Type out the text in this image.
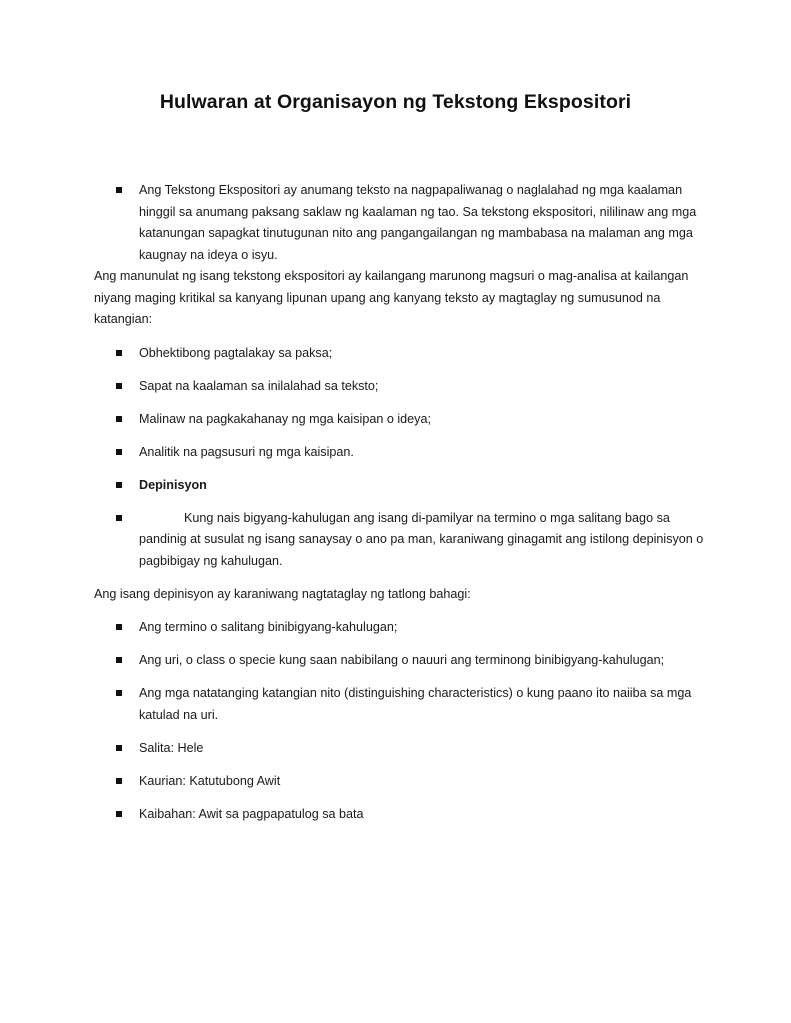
Hulwaran at Organisayon ng Tekstong Ekspositori
Ang Tekstong Ekspositori ay anumang teksto na nagpapaliwanag o naglalahad ng mga kaalaman hinggil sa anumang paksang saklaw ng kaalaman ng tao. Sa tekstong ekspositori, nililinaw ang mga katanungan sapagkat tinutugunan nito ang pangangailangan ng mambabasa na malaman ang mga kaugnay na ideya o isyu.

Ang manunulat ng isang tekstong ekspositori ay kailangang marunong magsuri o mag-analisa at kailangan niyang maging kritikal sa kanyang lipunan upang ang kanyang teksto ay magtaglay ng sumusunod na katangian:

Obhektibong pagtalakay sa paksa;
Sapat na kaalaman sa inilalahad sa teksto;
Malinaw na pagkakahanay ng mga kaisipan o ideya;
Analitik na pagsusuri ng mga kaisipan.
Depinisyon
Kung nais bigyang-kahulugan ang isang di-pamilyar na termino o mga salitang bago sa pandinig at susulat ng isang sanaysay o ano pa man, karaniwang ginagamit ang istilong depinisyon o pagbibigay ng kahulugan.

Ang isang depinisyon ay karaniwang nagtataglay ng tatlong bahagi:

Ang termino o salitang binibigyang-kahulugan;
Ang uri, o class o specie kung saan nabibilang o nauuri ang terminong binibigyang-kahulugan;
Ang mga natatanging katangian nito (distinguishing characteristics) o kung paano ito naiiba sa mga katulad na uri.
Salita: Hele
Kaurian: Katutubong Awit
Kaibahan: Awit sa pagpapatulog sa bata
